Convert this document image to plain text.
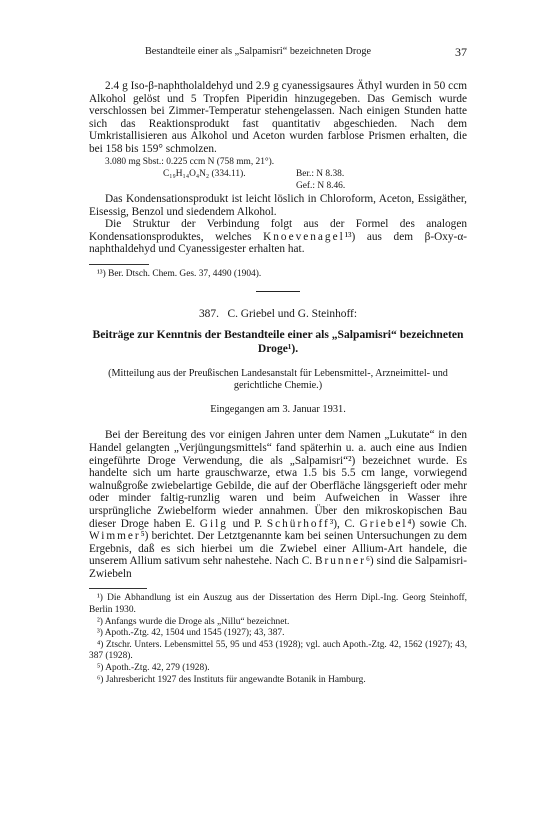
Bestandteile einer als „Salpamisri“ bezeichneten Droge	37

2.4 g Iso‐β‐naphtholaldehyd und 2.9 g cyanessigsaures Äthyl wurden in 50 ccm Alkohol gelöst und 5 Tropfen Piperidin hinzugegeben. Das Gemisch wurde verschlossen bei Zimmer‐Temperatur stehengelassen. Nach einigen Stunden hatte sich das Reaktionsprodukt fast quantitativ abgeschieden. Nach dem Umkristallisieren aus Alkohol und Aceton wurden farblose Prismen erhalten, die bei 158 bis 159° schmolzen.

3.080 mg Sbst.: 0.225 ccm N (758 mm, 21°).
C₁₉H₁₄O₄N₂ (334.11).	Ber.: N 8.38.
Gef.: N 8.46.

Das Kondensationsprodukt ist leicht löslich in Chloroform, Aceton, Essigäther, Eisessig, Benzol und siedendem Alkohol.

Die Struktur der Verbindung folgt aus der Formel des analogen Kondensationsproduktes, welches Knoevenagel¹³) aus dem β‐Oxy‐α‐naphthaldehyd und Cyanessigester erhalten hat.

¹³) Ber. Dtsch. Chem. Ges. 37, 4490 (1904).
387. C. Griebel und G. Steinhoff:
Beiträge zur Kenntnis der Bestandteile einer als „Salpamisri“ bezeichneten Droge¹).
(Mitteilung aus der Preußischen Landesanstalt für Lebensmittel‐, Arzneimittel‐ und gerichtliche Chemie.)
Eingegangen am 3. Januar 1931.

Bei der Bereitung des vor einigen Jahren unter dem Namen „Lukutate“ in den Handel gelangten „Verjüngungsmittels“ fand späterhin u. a. auch eine aus Indien eingeführte Droge Verwendung, die als „Salpamisri“²) bezeichnet wurde. Es handelte sich um harte grauschwarze, etwa 1.5 bis 5.5 cm lange, vorwiegend walnußgroße zwiebelartige Gebilde, die auf der Oberfläche längsgerieft oder mehr oder minder faltig‐runzlig waren und beim Aufweichen in Wasser ihre ursprüngliche Zwiebelform wieder annahmen. Über den mikroskopischen Bau dieser Droge haben E. Gilg und P. Schürhoff³), C. Griebel⁴) sowie Ch. Wimmer⁵) berichtet. Der Letztgenannte kam bei seinen Untersuchungen zu dem Ergebnis, daß es sich hierbei um die Zwiebel einer Allium‐Art handele, die unserem Allium sativum sehr nahestehe. Nach C. Brunner⁶) sind die Salpamisri‐Zwiebeln

¹) Die Abhandlung ist ein Auszug aus der Dissertation des Herrn Dipl.‐Ing. Georg Steinhoff, Berlin 1930.
²) Anfangs wurde die Droge als „Nillu“ bezeichnet.
³) Apoth.‐Ztg. 42, 1504 und 1545 (1927); 43, 387.
⁴) Ztschr. Unters. Lebensmittel 55, 95 und 453 (1928); vgl. auch Apoth.‐Ztg. 42, 1562 (1927); 43, 387 (1928).
⁵) Apoth.‐Ztg. 42, 279 (1928).
⁶) Jahresbericht 1927 des Instituts für angewandte Botanik in Hamburg.
